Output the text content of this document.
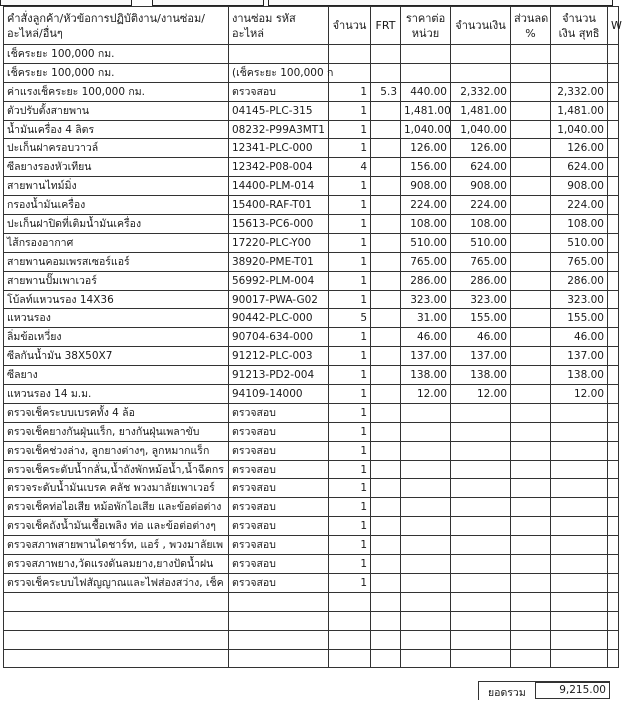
คำสั่งลูกค้า/หัวข้อการปฏิบัติงาน/งานซ่อม/อะไหล่/อื่นๆ	งานซ่อม รหัสอะไหล่	จำนวน	FRT	ราคาต่อ หน่วย	จำนวนเงิน	ส่วนลด %	จำนวนเงิน สุทธิ	W
เช็คระยะ 100,000 กม.								
เช็คระยะ 100,000 กม.	(เช็คระยะ 100,000 ก							
ค่าแรงเช็คระยะ 100,000 กม.	ตรวจสอบ	1	5.3	440.00	2,332.00		2,332.00	
ตัวปรับตั้งสายพาน	04145-PLC-315	1		1,481.00	1,481.00		1,481.00	
น้ำมันเครื่อง 4 ลิตร	08232-P99A3MT1	1		1,040.00	1,040.00		1,040.00	
ปะเก็นฝาครอบวาวล์	12341-PLC-000	1		126.00	126.00		126.00	
ซีลยางรองหัวเทียน	12342-P08-004	4		156.00	624.00		624.00	
สายพานไทม์มิ่ง	14400-PLM-014	1		908.00	908.00		908.00	
กรองน้ำมันเครื่อง	15400-RAF-T01	1		224.00	224.00		224.00	
ปะเก็นฝาปิดที่เติมน้ำมันเครื่อง	15613-PC6-000	1		108.00	108.00		108.00	
ไส้กรองอากาศ	17220-PLC-Y00	1		510.00	510.00		510.00	
สายพานคอมเพรสเซอร์แอร์	38920-PME-T01	1		765.00	765.00		765.00	
สายพานปั๊มเพาเวอร์	56992-PLM-004	1		286.00	286.00		286.00	
โบ้ลท์แหวนรอง 14X36	90017-PWA-G02	1		323.00	323.00		323.00	
แหวนรอง	90442-PLC-000	5		31.00	155.00		155.00	
ลิ่มข้อเหวี่ยง	90704-634-000	1		46.00	46.00		46.00	
ซีลกันน้ำมัน 38X50X7	91212-PLC-003	1		137.00	137.00		137.00	
ซีลยาง	91213-PD2-004	1		138.00	138.00		138.00	
แหวนรอง 14 ม.ม.	94109-14000	1		12.00	12.00		12.00	
ตรวจเช็คระบบเบรคทั้ง 4 ล้อ	ตรวจสอบ	1						
ตรวจเช็คยางกันฝุ่นแร็ก, ยางกันฝุ่นเพลาขับ	ตรวจสอบ	1						
ตรวจเช็คช่วงล่าง, ลูกยางต่างๆ, ลูกหมากแร็ก	ตรวจสอบ	1						
ตรวจเช็คระดับน้ำกลั่น,น้ำถังพักหม้อน้ำ,น้ำฉีดกร	ตรวจสอบ	1						
ตรวจระดับน้ำมันเบรค คลัช พวงมาลัยเพาเวอร์	ตรวจสอบ	1						
ตรวจเช็คท่อไอเสีย หม้อพักไอเสีย และข้อต่อต่าง	ตรวจสอบ	1						
ตรวจเช็คถังน้ำมันเชื้อเพลิง ท่อ และข้อต่อต่างๆ	ตรวจสอบ	1						
ตรวจสภาพสายพานไดชาร์ท, แอร์ , พวงมาลัยเพ	ตรวจสอบ	1						
ตรวจสภาพยาง,วัดแรงดันลมยาง,ยางปัดน้ำฝน	ตรวจสอบ	1						
ตรวจเช็คระบบไฟสัญญาณและไฟส่องสว่าง, เช็ค	ตรวจสอบ	1						

ยอดรวม	9,215.00
